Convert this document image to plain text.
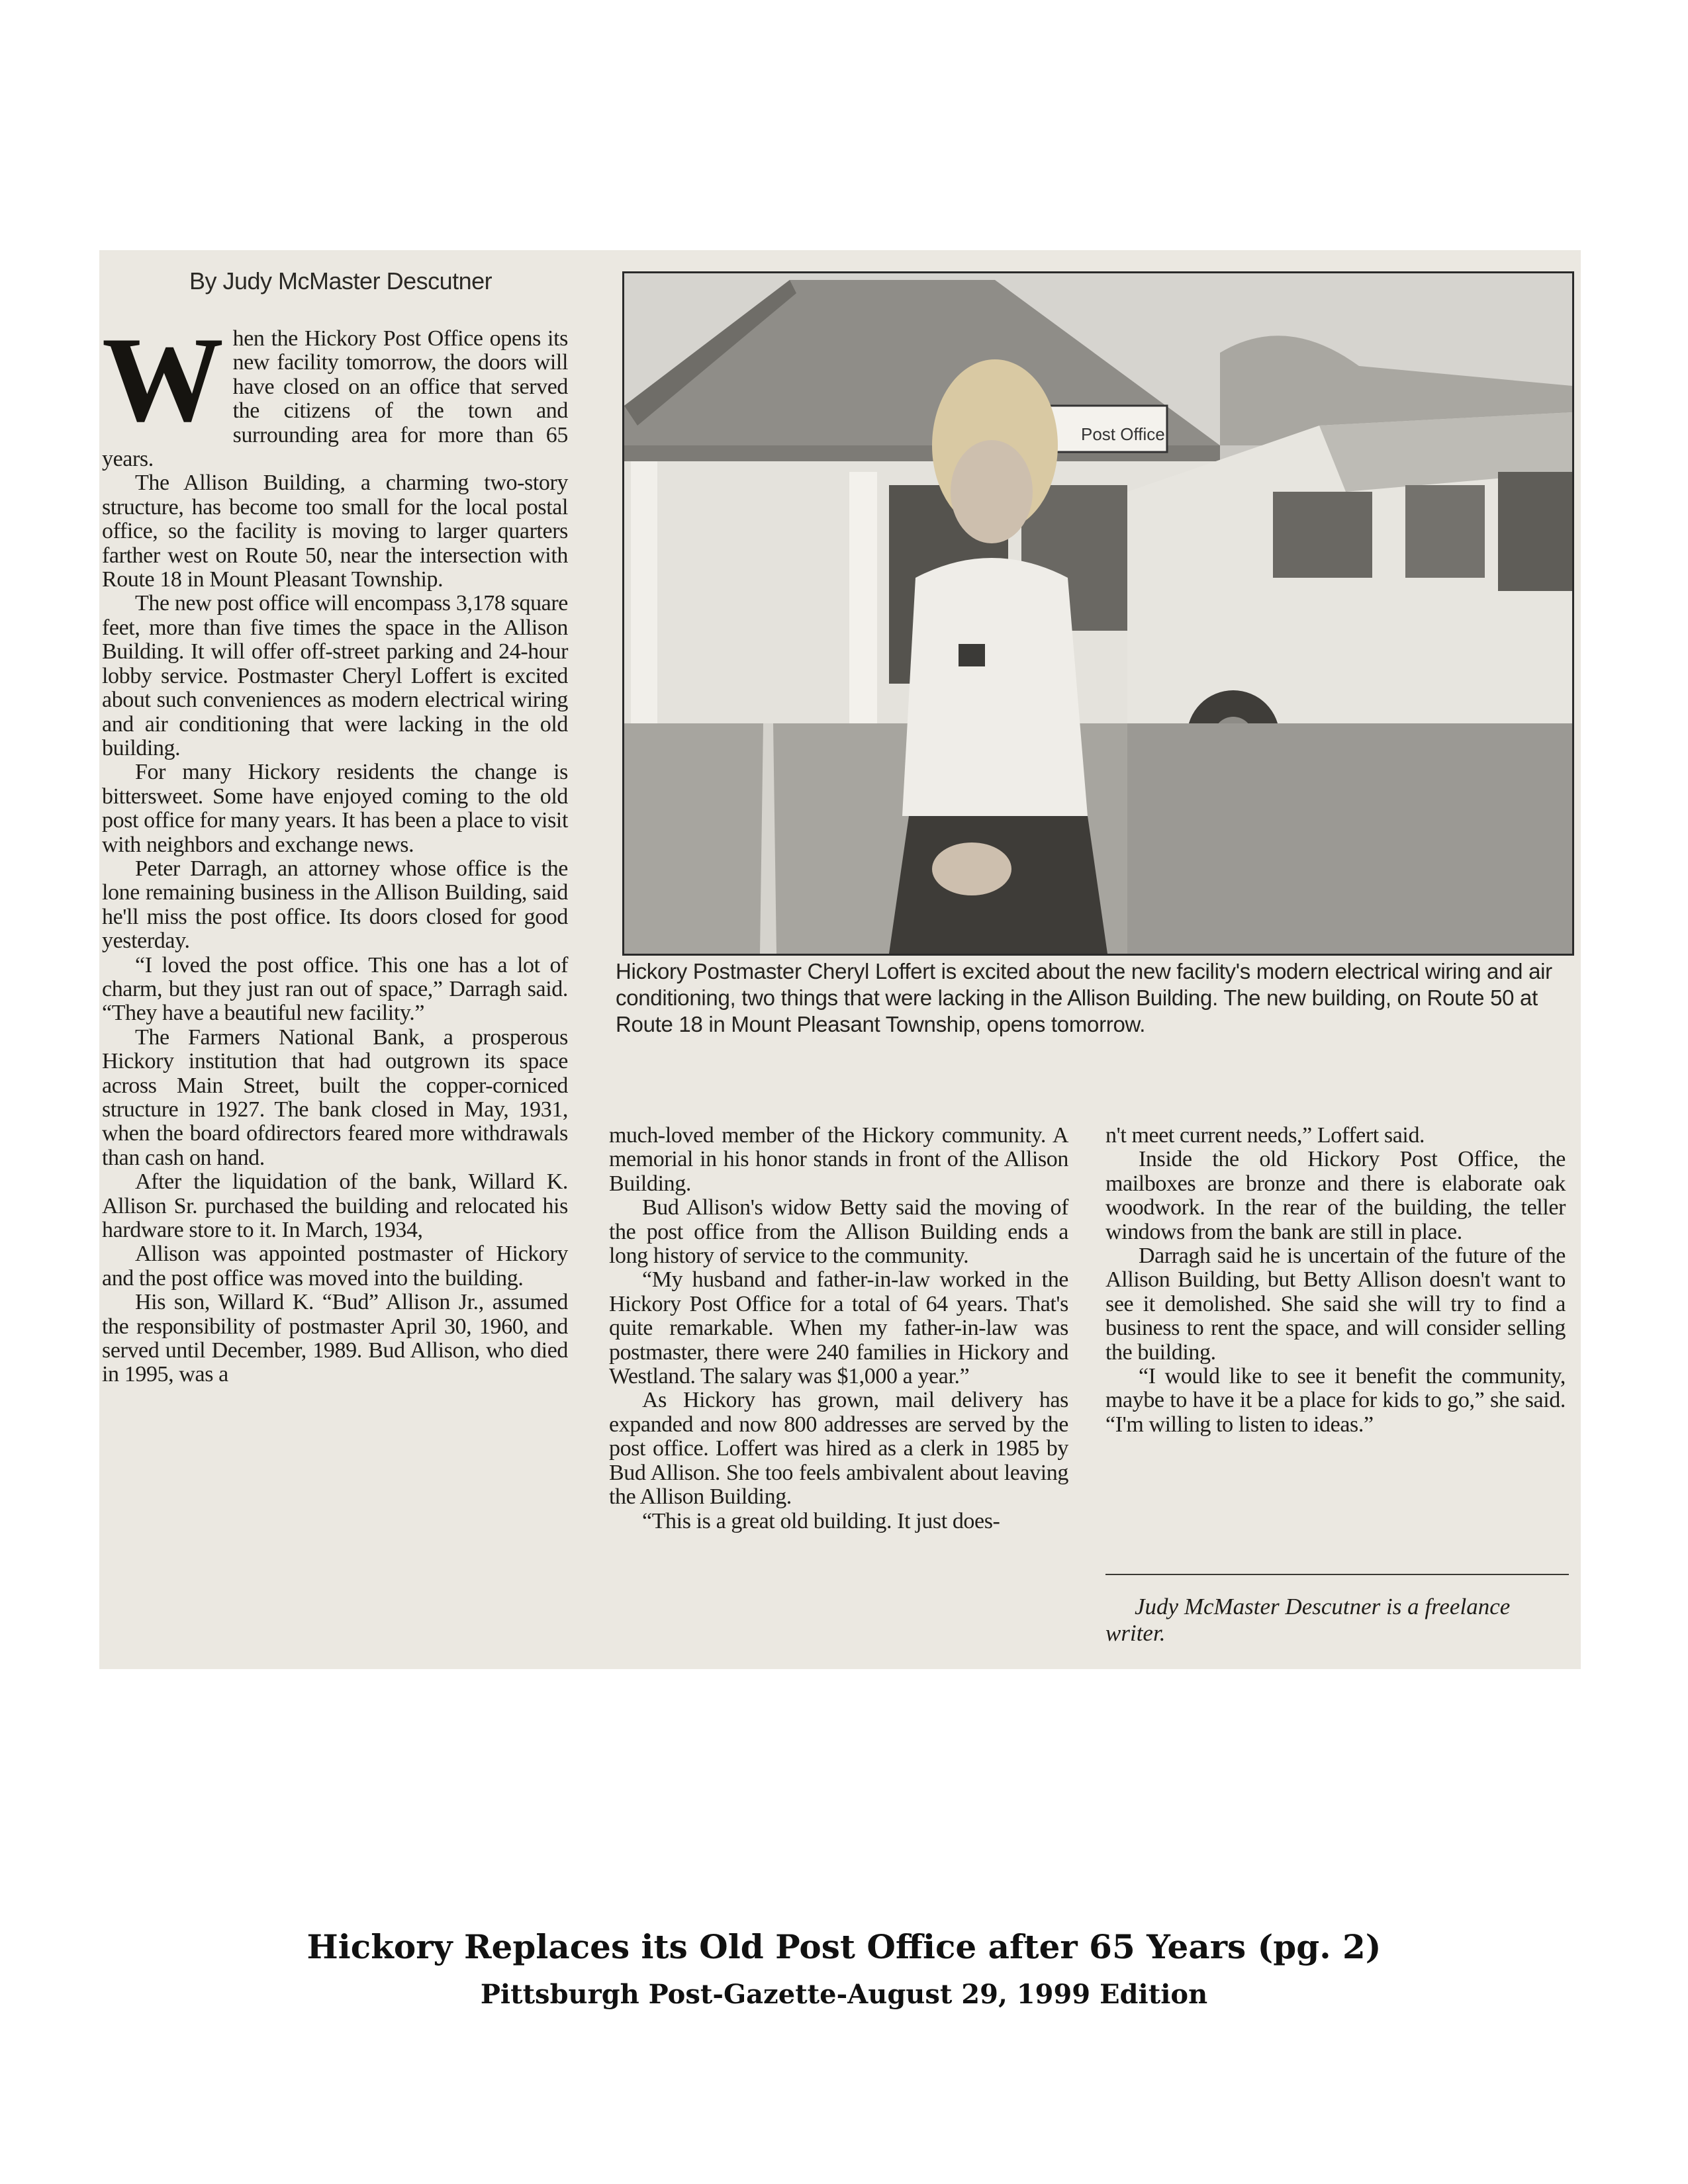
By Judy McMaster Descutner

When the Hickory Post Office opens its new facility tomorrow, the doors will have closed on an office that served the citizens of the town and surrounding area for more than 65 years.

The Allison Building, a charming two-story structure, has become too small for the local postal office, so the facility is moving to larger quarters farther west on Route 50, near the intersection with Route 18 in Mount Pleasant Township.

The new post office will encompass 3,178 square feet, more than five times the space in the Allison Building. It will offer off-street parking and 24-hour lobby service. Postmaster Cheryl Loffert is excited about such conveniences as modern electrical wiring and air conditioning that were lacking in the old building.

For many Hickory residents the change is bittersweet. Some have enjoyed coming to the old post office for many years. It has been a place to visit with neighbors and exchange news.

Peter Darragh, an attorney whose office is the lone remaining business in the Allison Building, said he'll miss the post office. Its doors closed for good yesterday.

“I loved the post office. This one has a lot of charm, but they just ran out of space,” Darragh said. “They have a beautiful new facility.”

The Farmers National Bank, a prosperous Hickory institution that had outgrown its space across Main Street, built the copper-corniced structure in 1927. The bank closed in May, 1931, when the board ofdirectors feared more withdrawals than cash on hand.

After the liquidation of the bank, Willard K. Allison Sr. purchased the building and relocated his hardware store to it. In March, 1934,

Allison was appointed postmaster of Hickory and the post office was moved into the building.

His son, Willard K. “Bud” Allison Jr., assumed the responsibility of postmaster April 30, 1960, and served until December, 1989. Bud Allison, who died in 1995, was a

Post Office
Hickory Postmaster Cheryl Loffert is excited about the new facility's modern electrical wiring and air conditioning, two things that were lacking in the Allison Building. The new building, on Route 50 at Route 18 in Mount Pleasant Township, opens tomorrow.

much-loved member of the Hickory community. A memorial in his honor stands in front of the Allison Building.

Bud Allison's widow Betty said the moving of the post office from the Allison Building ends a long history of service to the community.

“My husband and father-in-law worked in the Hickory Post Office for a total of 64 years. That's quite remarkable. When my father-in-law was postmaster, there were 240 families in Hickory and Westland. The salary was $1,000 a year.”

As Hickory has grown, mail delivery has expanded and now 800 addresses are served by the post office. Loffert was hired as a clerk in 1985 by Bud Allison. She too feels ambivalent about leaving the Allison Building.

“This is a great old building. It just does-

n't meet current needs,” Loffert said.

Inside the old Hickory Post Office, the mailboxes are bronze and there is elaborate oak woodwork. In the rear of the building, the teller windows from the bank are still in place.

Darragh said he is uncertain of the future of the Allison Building, but Betty Allison doesn't want to see it demolished. She said she will try to find a business to rent the space, and will consider selling the building.

“I would like to see it benefit the community, maybe to have it be a place for kids to go,” she said. “I'm willing to listen to ideas.”

Judy McMaster Descutner is a freelance writer.
Hickory Replaces its Old Post Office after 65 Years (pg. 2)
Pittsburgh Post-Gazette-August 29, 1999 Edition
